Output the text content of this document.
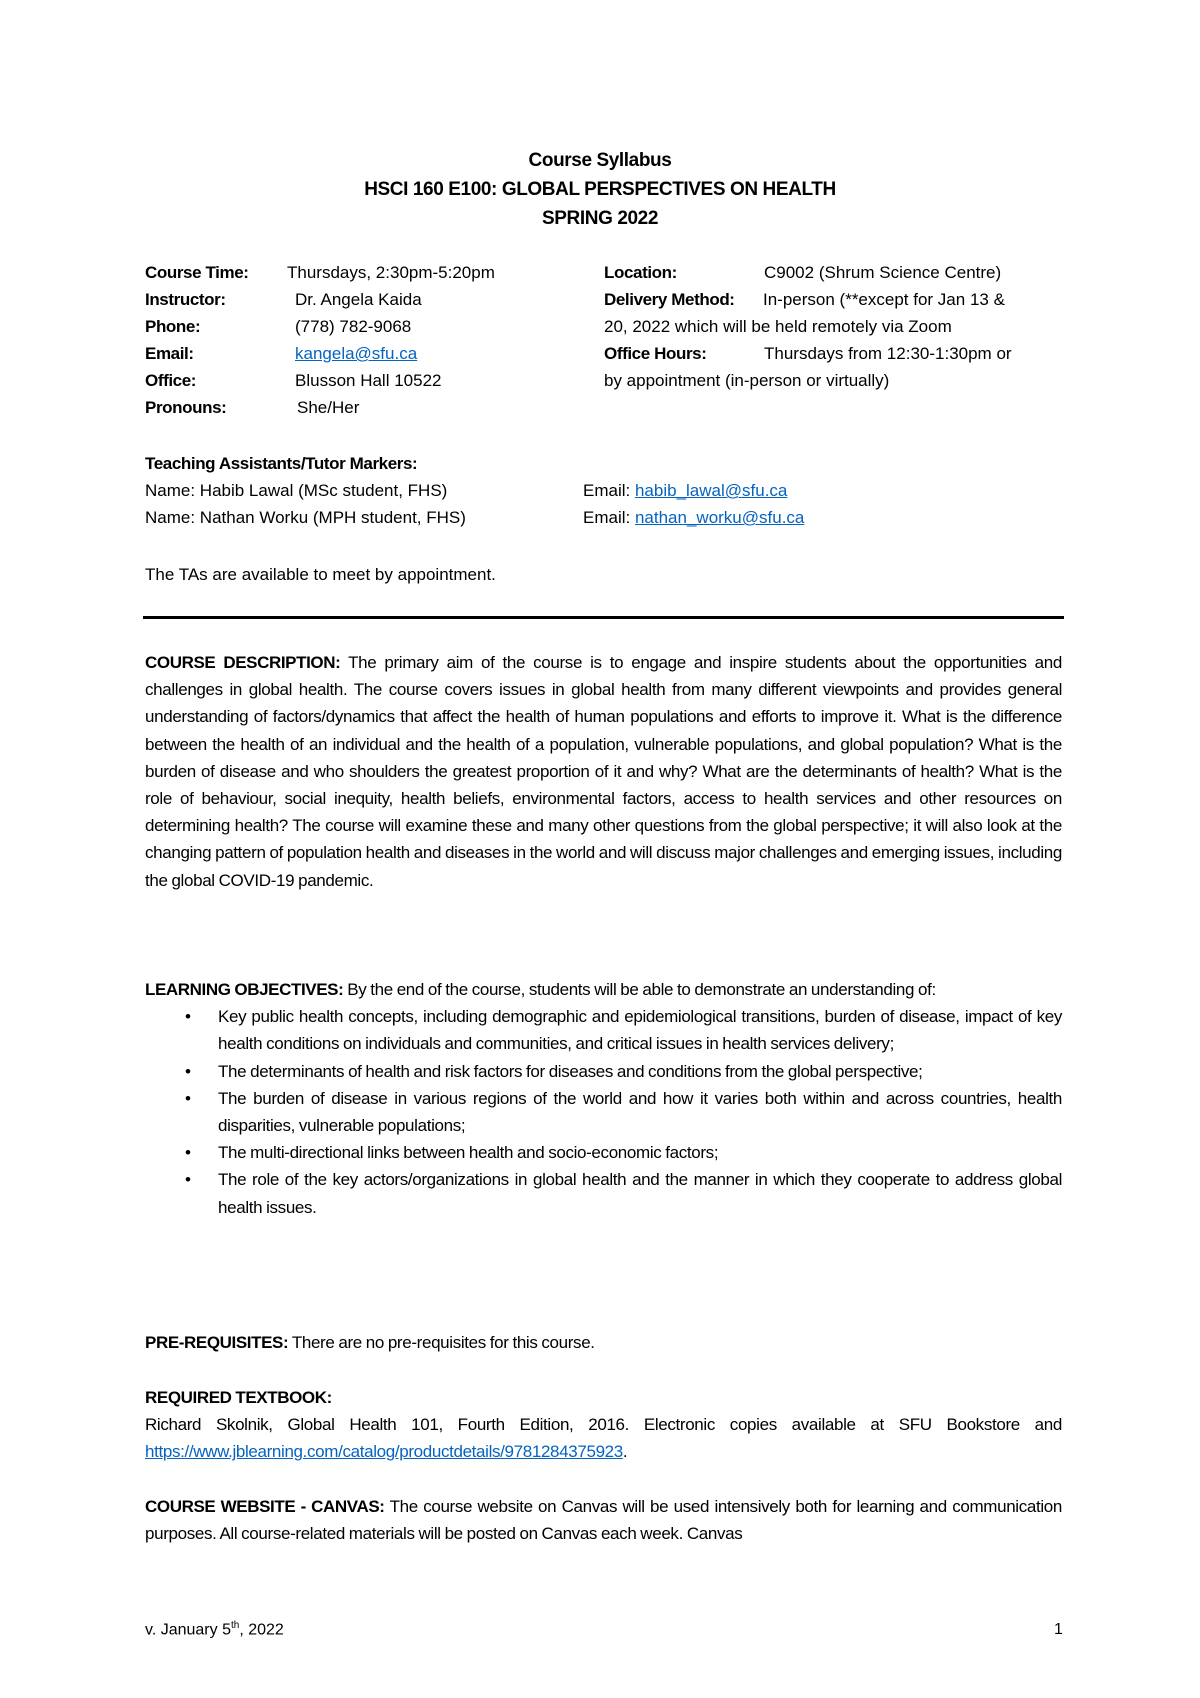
Course Syllabus
HSCI 160 E100: GLOBAL PERSPECTIVES ON HEALTH
SPRING 2022
Course Time: Thursdays, 2:30pm-5:20pm
Instructor:	Dr. Angela Kaida
Phone:	(778) 782-9068
Email:	kangela@sfu.ca
Office:	Blusson Hall 10522
Pronouns:	She/Her
Location:	C9002 (Shrum Science Centre)
Delivery Method: In-person (**except for Jan 13 &
20, 2022 which will be held remotely via Zoom
Office Hours:	Thursdays from 12:30-1:30pm or
by appointment (in-person or virtually)
Teaching Assistants/Tutor Markers:
Name: Habib Lawal (MSc student, FHS)	Email: habib_lawal@sfu.ca
Name: Nathan Worku (MPH student, FHS)	Email: nathan_worku@sfu.ca
The TAs are available to meet by appointment.
COURSE DESCRIPTION: The primary aim of the course is to engage and inspire students about the opportunities and challenges in global health. The course covers issues in global health from many different viewpoints and provides general understanding of factors/dynamics that affect the health of human populations and efforts to improve it. What is the difference between the health of an individual and the health of a population, vulnerable populations, and global population? What is the burden of disease and who shoulders the greatest proportion of it and why? What are the determinants of health? What is the role of behaviour, social inequity, health beliefs, environmental factors, access to health services and other resources on determining health? The course will examine these and many other questions from the global perspective; it will also look at the changing pattern of population health and diseases in the world and will discuss major challenges and emerging issues, including the global COVID-19 pandemic.
LEARNING OBJECTIVES: By the end of the course, students will be able to demonstrate an understanding of:
• Key public health concepts, including demographic and epidemiological transitions, burden of disease, impact of key health conditions on individuals and communities, and critical issues in health services delivery;
• The determinants of health and risk factors for diseases and conditions from the global perspective;
• The burden of disease in various regions of the world and how it varies both within and across countries, health disparities, vulnerable populations;
• The multi-directional links between health and socio-economic factors;
• The role of the key actors/organizations in global health and the manner in which they cooperate to address global health issues.
PRE-REQUISITES: There are no pre-requisites for this course.
REQUIRED TEXTBOOK:
Richard Skolnik, Global Health 101, Fourth Edition, 2016. Electronic copies available at SFU Bookstore and https://www.jblearning.com/catalog/productdetails/9781284375923.
COURSE WEBSITE - CANVAS: The course website on Canvas will be used intensively both for learning and communication purposes. All course-related materials will be posted on Canvas each week. Canvas
v. January 5th, 2022	1
